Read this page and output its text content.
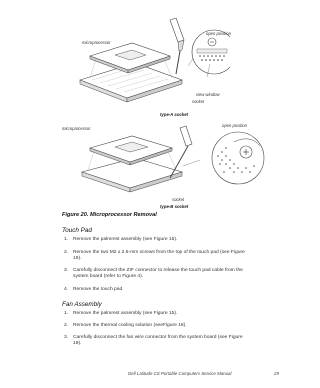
microprocessor
open position
view window
socket
type-A socket
microprocessor
open position
socket
type-B socket
Figure 20. Microprocessor Removal
Touch Pad
1. Remove the palmrest assembly (see Figure 15).
2. Remove the two M2 x 2.5-mm screws from the top of the touch pad (see Figure 19).
3. Carefully disconnect the ZIF connector to release the touch pad cable from the system board (refer to Figure 4).
4. Remove the touch pad.
Fan Assembly
1. Remove the palmrest assembly (see Figure 15).
2. Remove the thermal cooling solution (seeFigure 18).
3. Carefully disconnect the fan wire connector from the system board (see Figure 19).
Dell Latitude CS Portable Computers Service Manual	29
